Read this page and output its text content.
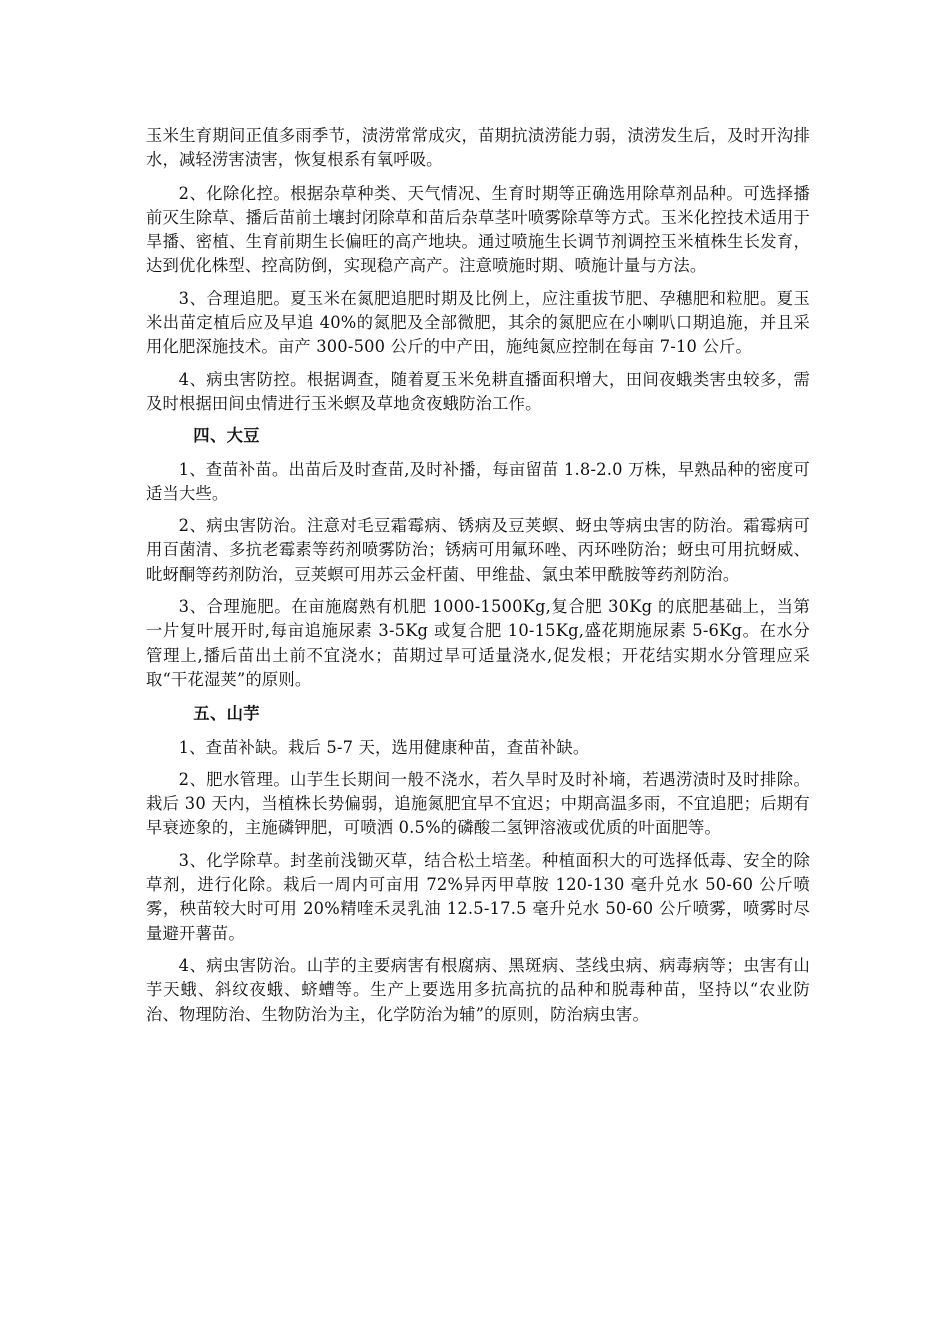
玉米生育期间正值多雨季节，渍涝常常成灾，苗期抗渍涝能力弱，渍涝发生后，及时开沟排水，减轻涝害渍害，恢复根系有氧呼吸。

2、化除化控。根据杂草种类、天气情况、生育时期等正确选用除草剂品种。可选择播前灭生除草、播后苗前土壤封闭除草和苗后杂草茎叶喷雾除草等方式。玉米化控技术适用于旱播、密植、生育前期生长偏旺的高产地块。通过喷施生长调节剂调控玉米植株生长发育，达到优化株型、控高防倒，实现稳产高产。注意喷施时期、喷施计量与方法。

3、合理追肥。夏玉米在氮肥追肥时期及比例上，应注重拔节肥、孕穗肥和粒肥。夏玉米出苗定植后应及早追 40%的氮肥及全部微肥，其余的氮肥应在小喇叭口期追施，并且采用化肥深施技术。亩产 300-500 公斤的中产田，施纯氮应控制在每亩 7-10 公斤。

4、病虫害防控。根据调查，随着夏玉米免耕直播面积增大，田间夜蛾类害虫较多，需及时根据田间虫情进行玉米螟及草地贪夜蛾防治工作。

四、大豆

1、查苗补苗。出苗后及时查苗,及时补播，每亩留苗 1.8-2.0 万株，早熟品种的密度可适当大些。

2、病虫害防治。注意对毛豆霜霉病、锈病及豆荚螟、蚜虫等病虫害的防治。霜霉病可用百菌清、多抗老霉素等药剂喷雾防治；锈病可用氟环唑、丙环唑防治；蚜虫可用抗蚜威、吡蚜酮等药剂防治，豆荚螟可用苏云金杆菌、甲维盐、氯虫苯甲酰胺等药剂防治。

3、合理施肥。在亩施腐熟有机肥 1000-1500Kg,复合肥 30Kg 的底肥基础上，当第一片复叶展开时,每亩追施尿素 3-5Kg 或复合肥 10-15Kg,盛花期施尿素 5-6Kg。在水分管理上,播后苗出土前不宜浇水；苗期过旱可适量浇水,促发根；开花结实期水分管理应采取“干花湿荚”的原则。

五、山芋

1、查苗补缺。栽后 5-7 天，选用健康种苗，查苗补缺。

2、肥水管理。山芋生长期间一般不浇水，若久旱时及时补墒，若遇涝渍时及时排除。栽后 30 天内，当植株长势偏弱，追施氮肥宜早不宜迟；中期高温多雨，不宜追肥；后期有早衰迹象的，主施磷钾肥，可喷洒 0.5%的磷酸二氢钾溶液或优质的叶面肥等。

3、化学除草。封垄前浅锄灭草，结合松土培垄。种植面积大的可选择低毒、安全的除草剂，进行化除。栽后一周内可亩用 72%异丙甲草胺 120-130 毫升兑水 50-60 公斤喷雾，秧苗较大时可用 20%精喹禾灵乳油 12.5-17.5 毫升兑水 50-60 公斤喷雾，喷雾时尽量避开薯苗。

4、病虫害防治。山芋的主要病害有根腐病、黑斑病、茎线虫病、病毒病等；虫害有山芋天蛾、斜纹夜蛾、蛴螬等。生产上要选用多抗高抗的品种和脱毒种苗，坚持以“农业防治、物理防治、生物防治为主，化学防治为辅”的原则，防治病虫害。
